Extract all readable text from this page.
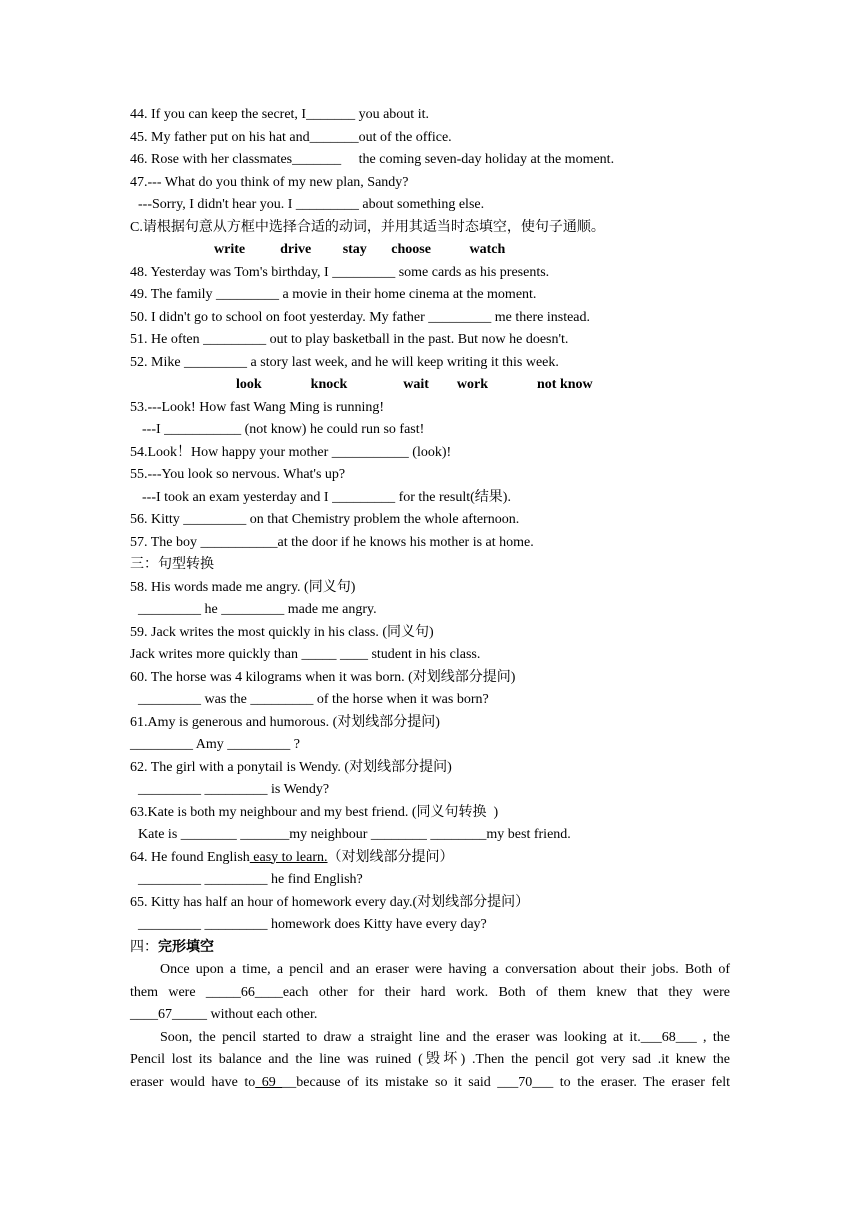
44. If you can keep the secret, I_______ you about it.
45. My father put on his hat and_______out of the office.
46. Rose with her classmates_______     the coming seven-day holiday at the moment.
47.--- What do you think of my new plan, Sandy?
---Sorry, I didn't hear you. I _________ about something else.
C.请根据句意从方框中选择合适的动词，并用其适当时态填空，使句子通顺。
write          drive         stay       choose           watch
48. Yesterday was Tom's birthday, I _________ some cards as his presents.
49. The family _________ a movie in their home cinema at the moment.
50. I didn't go to school on foot yesterday. My father _________ me there instead.
51. He often _________ out to play basketball in the past. But now he doesn't.
52. Mike _________ a story last week, and he will keep writing it this week.
look              knock                wait        work              not know
53.---Look! How fast Wang Ming is running!
---I ___________ (not know) he could run so fast!
54.Look！How happy your mother ___________ (look)!
55.---You look so nervous. What's up?
---I took an exam yesterday and I _________ for the result(结果).
56. Kitty _________ on that Chemistry problem the whole afternoon.
57. The boy ___________at the door if he knows his mother is at home.
三：句型转换
58. His words made me angry. (同义句)
_________ he _________ made me angry.
59. Jack writes the most quickly in his class. (同义句)
Jack writes more quickly than _____ ____ student in his class.
60. The horse was 4 kilograms when it was born. (对划线部分提问)
_________ was the _________ of the horse when it was born?
61.Amy is generous and humorous. (对划线部分提问)
_________ Amy _________ ?
62. The girl with a ponytail is Wendy. (对划线部分提问)
_________ _________ is Wendy?
63.Kate is both my neighbour and my best friend. (同义句转换  )
Kate is ________ _______my neighbour ________ ________my best friend.
64. He found English easy to learn.（对划线部分提问）
_________ _________ he find English?
65. Kitty has half an hour of homework every day.(对划线部分提问）
_________ _________ homework does Kitty have every day?
四：完形填空
Once upon a time, a pencil and an eraser were having a conversation about their jobs. Both of
them were _____66____each other for their hard work. Both of them knew that they were
____67_____ without each other.
Soon, the pencil started to draw a straight line and the eraser was looking at it.___68___ , the
Pencil lost its balance and the line was ruined (毁坏) .Then the pencil got very sad .it knew the
eraser would have to 69 __because of its mistake so it said ___70___ to the eraser. The eraser felt
